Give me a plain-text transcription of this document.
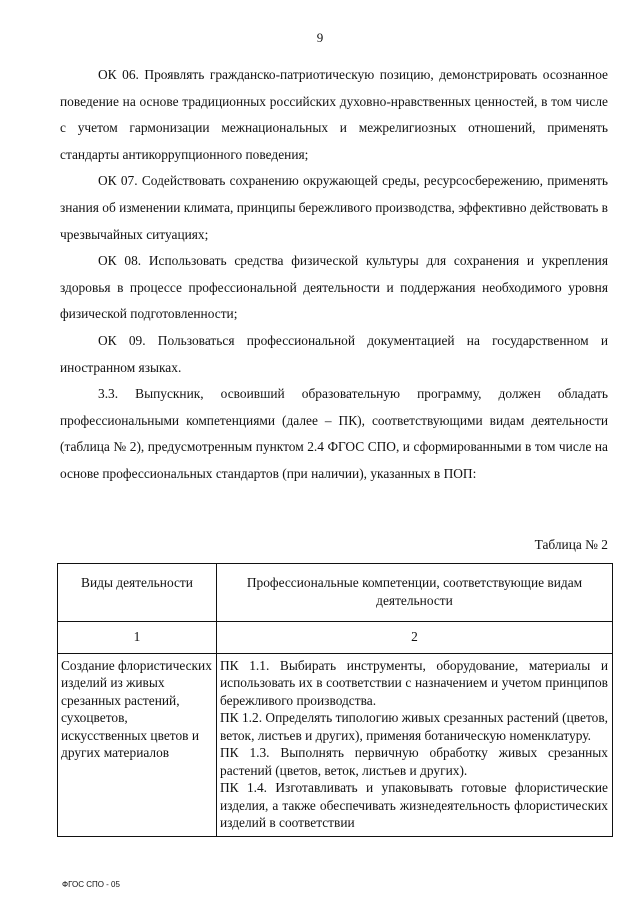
9

ОК 06. Проявлять гражданско-патриотическую позицию, демонстрировать осознанное поведение на основе традиционных российских духовно-нравственных ценностей, в том числе с учетом гармонизации межнациональных и межрелигиозных отношений, применять стандарты антикоррупционного поведения;

ОК 07. Содействовать сохранению окружающей среды, ресурсосбережению, применять знания об изменении климата, принципы бережливого производства, эффективно действовать в чрезвычайных ситуациях;

ОК 08. Использовать средства физической культуры для сохранения и укрепления здоровья в процессе профессиональной деятельности и поддержания необходимого уровня физической подготовленности;

ОК 09. Пользоваться профессиональной документацией на государственном и иностранном языках.

3.3. Выпускник, освоивший образовательную программу, должен обладать профессиональными компетенциями (далее – ПК), соответствующими видам деятельности (таблица № 2), предусмотренным пунктом 2.4 ФГОС СПО, и сформированными в том числе на основе профессиональных стандартов (при наличии), указанных в ПОП:

Таблица № 2
Виды деятельности	Профессиональные компетенции, соответствующие видам деятельности
1	2
Создание флористических изделий из живых срезанных растений, сухоцветов, искусственных цветов и других материалов	ПК 1.1. Выбирать инструменты, оборудование, материалы и использовать их в соответствии с назначением и учетом принципов бережливого производства.
ПК 1.2. Определять типологию живых срезанных растений (цветов, веток, листьев и других), применяя ботаническую номенклатуру.
ПК 1.3. Выполнять первичную обработку живых срезанных растений (цветов, веток, листьев и других).
ПК 1.4. Изготавливать и упаковывать готовые флористические изделия, а также обеспечивать жизнедеятельность флористических изделий в соответствии
ФГОС СПО - 05
